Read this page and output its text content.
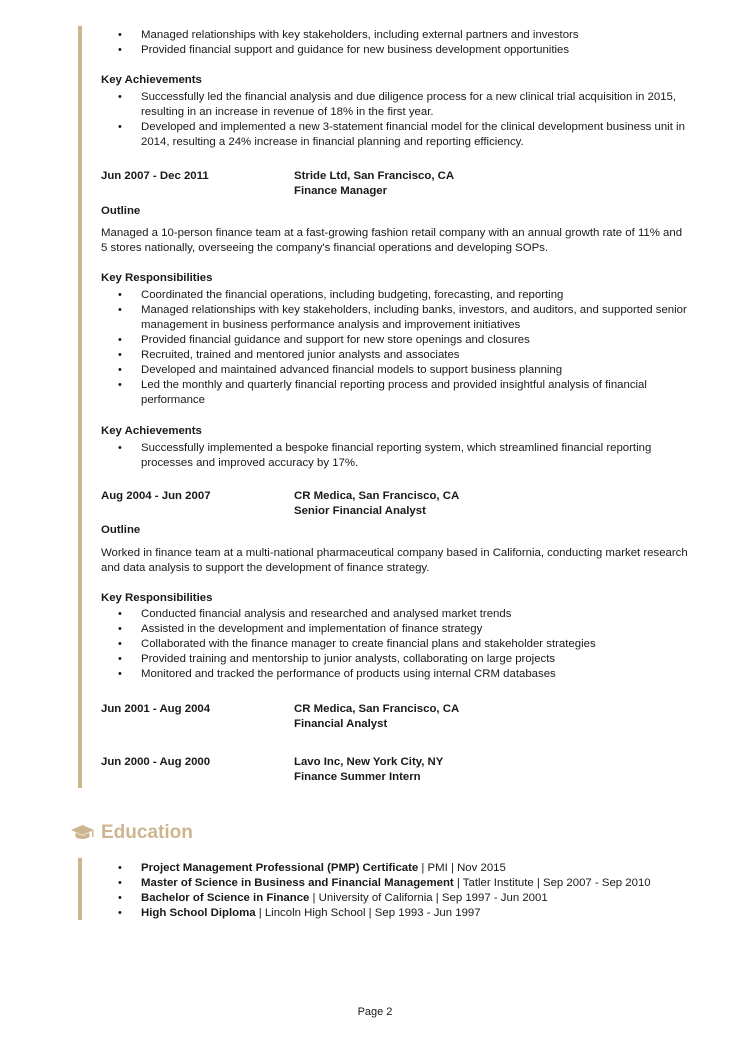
• Managed relationships with key stakeholders, including external partners and investors
• Provided financial support and guidance for new business development opportunities
Key Achievements
• Successfully led the financial analysis and due diligence process for a new clinical trial acquisition in 2015, resulting in an increase in revenue of 18% in the first year.
• Developed and implemented a new 3-statement financial model for the clinical development business unit in 2014, resulting a 24% increase in financial planning and reporting efficiency.
Jun 2007 - Dec 2011	Stride Ltd, San Francisco, CA
Finance Manager
Outline

Managed a 10-person finance team at a fast-growing fashion retail company with an annual growth rate of 11% and 5 stores nationally, overseeing the company's financial operations and developing SOPs.

Key Responsibilities
• Coordinated the financial operations, including budgeting, forecasting, and reporting
• Managed relationships with key stakeholders, including banks, investors, and auditors, and supported senior management in business performance analysis and improvement initiatives
• Provided financial guidance and support for new store openings and closures
• Recruited, trained and mentored junior analysts and associates
• Developed and maintained advanced financial models to support business planning
• Led the monthly and quarterly financial reporting process and provided insightful analysis of financial performance
Key Achievements
• Successfully implemented a bespoke financial reporting system, which streamlined financial reporting processes and improved accuracy by 17%.
Aug 2004 - Jun 2007	CR Medica, San Francisco, CA
Senior Financial Analyst
Outline

Worked in finance team at a multi-national pharmaceutical company based in California, conducting market research and data analysis to support the development of finance strategy.

Key Responsibilities
• Conducted financial analysis and researched and analysed market trends
• Assisted in the development and implementation of finance strategy
• Collaborated with the finance manager to create financial plans and stakeholder strategies
• Provided training and mentorship to junior analysts, collaborating on large projects
• Monitored and tracked the performance of products using internal CRM databases
Jun 2001 - Aug 2004	CR Medica, San Francisco, CA
Financial Analyst
Jun 2000 - Aug 2000	Lavo Inc, New York City, NY
Finance Summer Intern
Education
• Project Management Professional (PMP) Certificate | PMI | Nov 2015
• Master of Science in Business and Financial Management | Tatler Institute | Sep 2007 - Sep 2010
• Bachelor of Science in Finance | University of California | Sep 1997 - Jun 2001
• High School Diploma | Lincoln High School | Sep 1993 - Jun 1997
Page 2
